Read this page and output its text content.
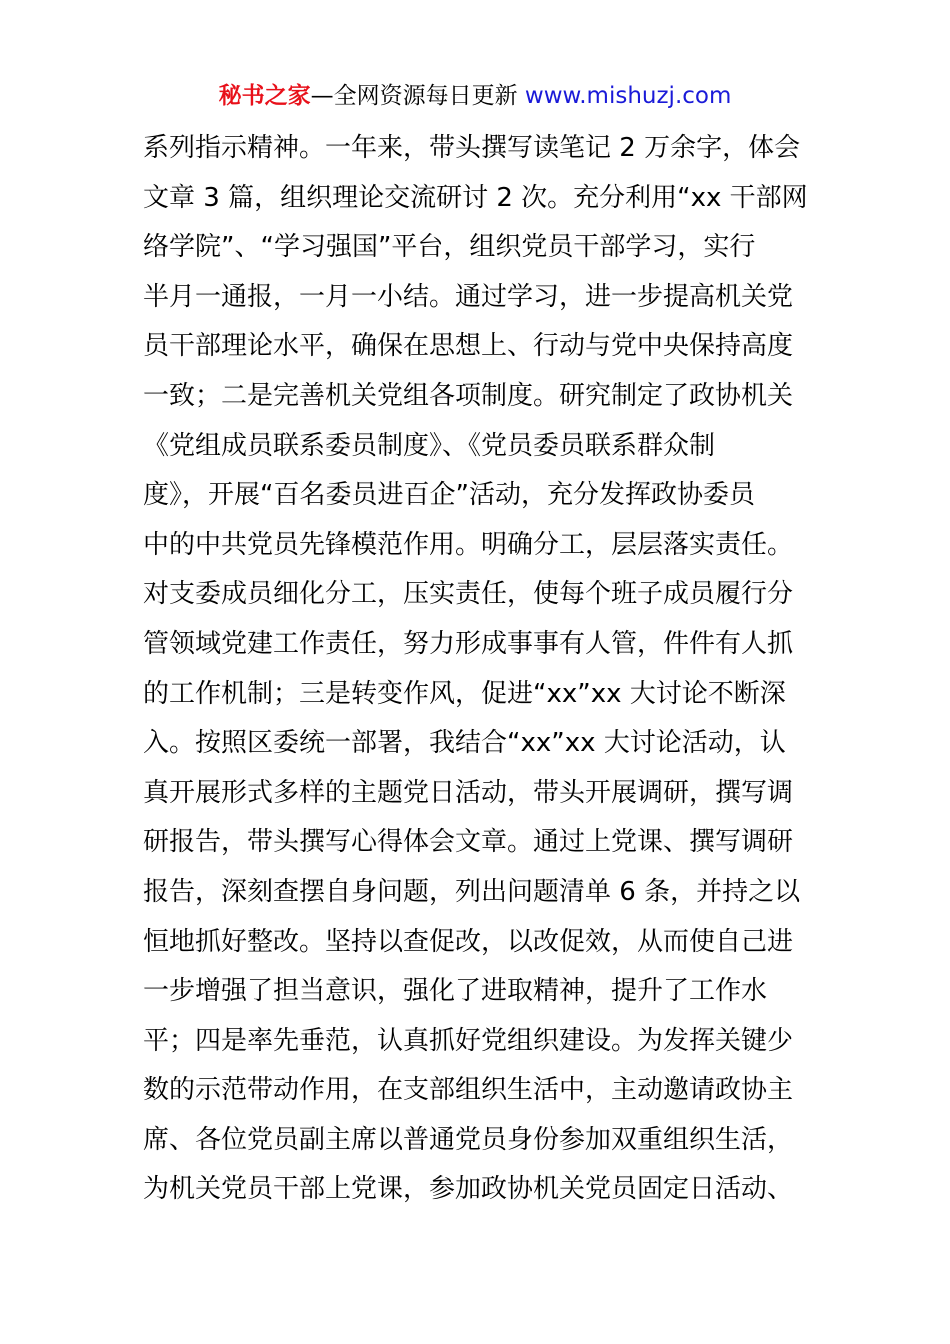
秘书之家—全网资源每日更新 www.mishuzj.com
系列指示精神。一年来，带头撰写读笔记 2 万余字，体会
文章 3 篇，组织理论交流研讨 2 次。充分利用“xx 干部网
络学院”、“学习强国”平台，组织党员干部学习，实行
半月一通报，一月一小结。通过学习，进一步提高机关党
员干部理论水平，确保在思想上、行动与党中央保持高度
一致；二是完善机关党组各项制度。研究制定了政协机关
《党组成员联系委员制度》、《党员委员联系群众制
度》，开展“百名委员进百企”活动，充分发挥政协委员
中的中共党员先锋模范作用。明确分工，层层落实责任。
对支委成员细化分工，压实责任，使每个班子成员履行分
管领域党建工作责任，努力形成事事有人管，件件有人抓
的工作机制；三是转变作风，促进“xx”xx 大讨论不断深
入。按照区委统一部署，我结合“xx”xx 大讨论活动，认
真开展形式多样的主题党日活动，带头开展调研，撰写调
研报告，带头撰写心得体会文章。通过上党课、撰写调研
报告，深刻查摆自身问题，列出问题清单 6 条，并持之以
恒地抓好整改。坚持以查促改，以改促效，从而使自己进
一步增强了担当意识，强化了进取精神，提升了工作水
平；四是率先垂范，认真抓好党组织建设。为发挥关键少
数的示范带动作用，在支部组织生活中，主动邀请政协主
席、各位党员副主席以普通党员身份参加双重组织生活，
为机关党员干部上党课，参加政协机关党员固定日活动、
